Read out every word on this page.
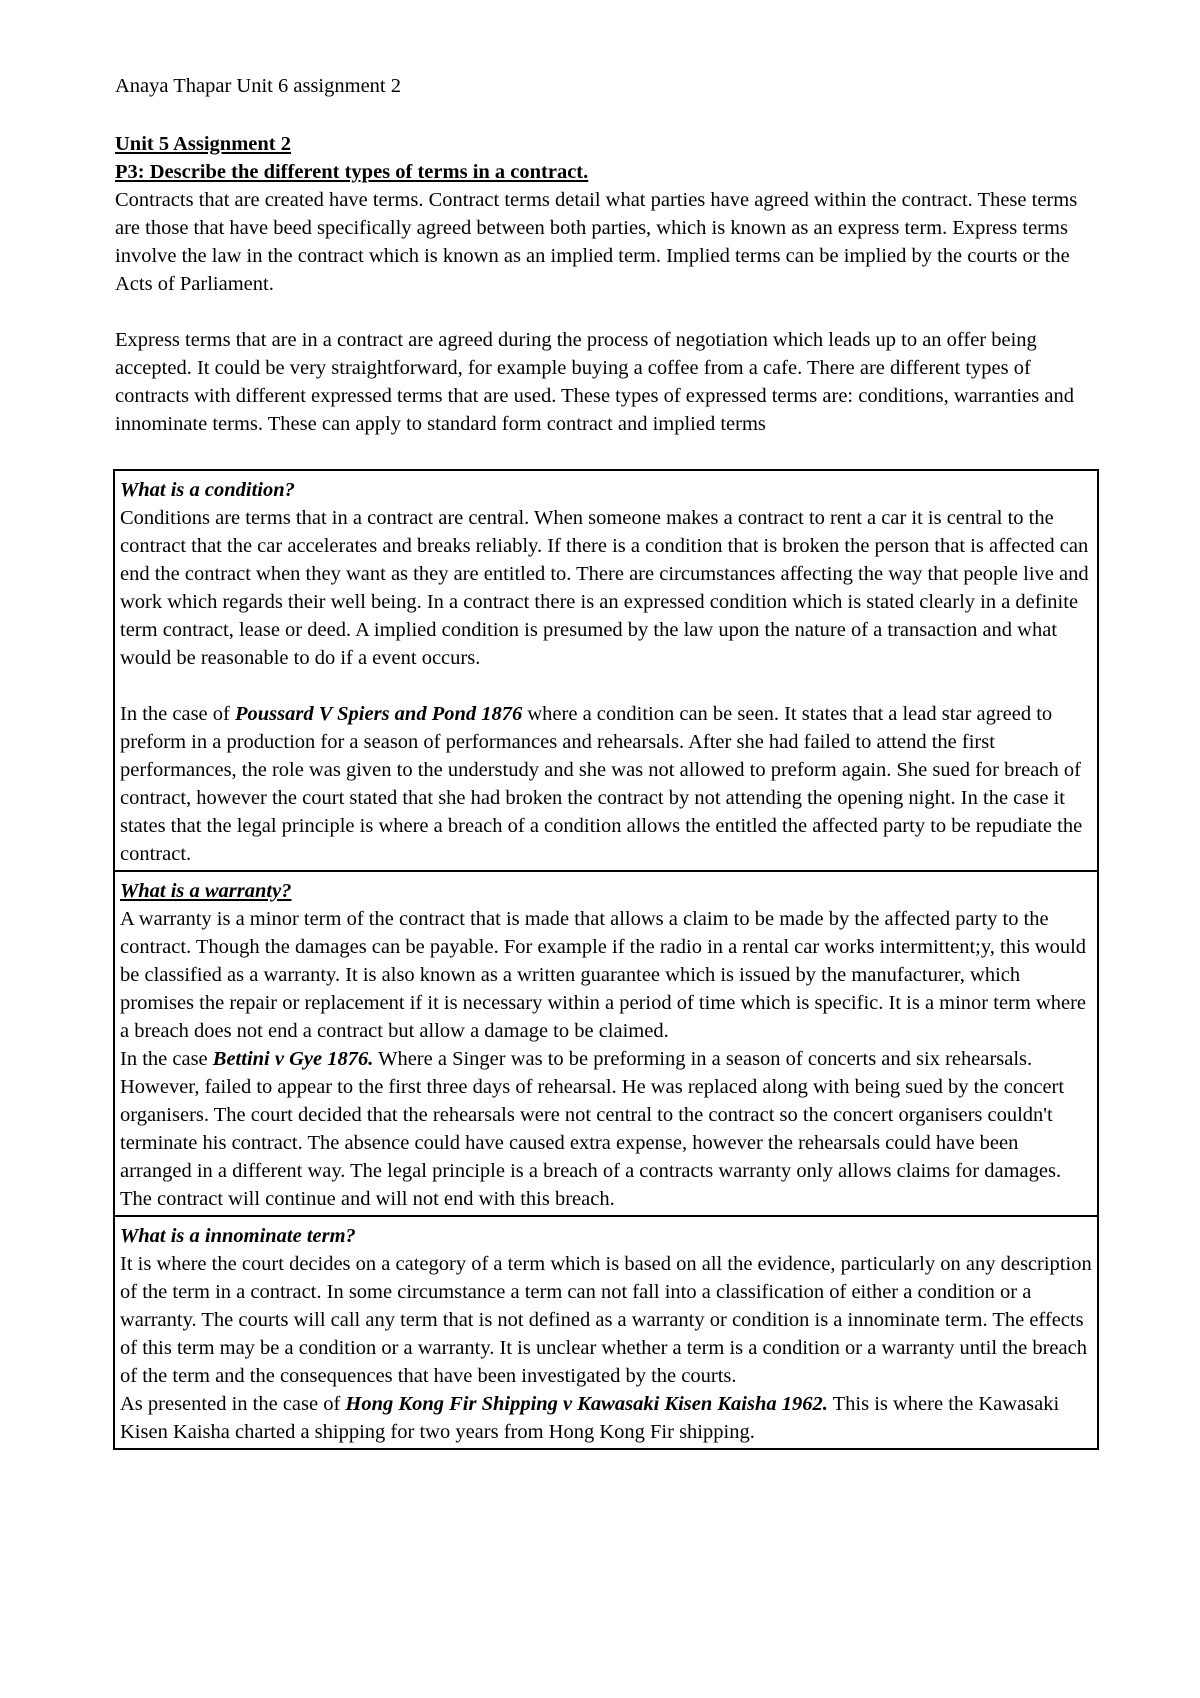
Anaya Thapar Unit 6 assignment 2
Unit 5 Assignment 2
P3: Describe the different types of terms in a contract.

Contracts that are created have terms. Contract terms detail what parties have agreed within the contract. These terms are those that have beed specifically agreed between both parties, which is known as an express term. Express terms involve the law in the contract which is known as an implied term. Implied terms can be implied by the courts or the Acts of Parliament.

Express terms that are in a contract are agreed during the process of negotiation which leads up to an offer being accepted. It could be very straightforward, for example buying a coffee from a cafe. There are different types of contracts with different expressed terms that are used. These types of expressed terms are: conditions, warranties and innominate terms. These can apply to standard form contract and implied terms

What is a condition?

Conditions are terms that in a contract are central. When someone makes a contract to rent a car it is central to the contract that the car accelerates and breaks reliably. If there is a condition that is broken the person that is affected can end the contract when they want as they are entitled to. There are circumstances affecting the way that people live and work which regards their well being. In a contract there is an expressed condition which is stated clearly in a definite term contract, lease or deed. A implied condition is presumed by the law upon the nature of a transaction and what would be reasonable to do if a event occurs.

In the case of Poussard V Spiers and Pond 1876 where a condition can be seen. It states that a lead star agreed to preform in a production for a season of performances and rehearsals. After she had failed to attend the first performances, the role was given to the understudy and she was not allowed to preform again. She sued for breach of contract, however the court stated that she had broken the contract by not attending the opening night. In the case it states that the legal principle is where a breach of a condition allows the entitled the affected party to be repudiate the contract.

What is a warranty?

A warranty is a minor term of the contract that is made that allows a claim to be made by the affected party to the contract. Though the damages can be payable. For example if the radio in a rental car works intermittent;y, this would be classified as a warranty. It is also known as a written guarantee which is issued by the manufacturer, which promises the repair or replacement if it is necessary within a period of time which is specific. It is a minor term where a breach does not end a contract but allow a damage to be claimed.

In the case Bettini v Gye 1876. Where a Singer was to be preforming in a season of concerts and six rehearsals. However, failed to appear to the first three days of rehearsal. He was replaced along with being sued by the concert organisers. The court decided that the rehearsals were not central to the contract so the concert organisers couldn't terminate his contract. The absence could have caused extra expense, however the rehearsals could have been arranged in a different way. The legal principle is a breach of a contracts warranty only allows claims for damages. The contract will continue and will not end with this breach.

What is a innominate term?

It is where the court decides on a category of a term which is based on all the evidence, particularly on any description of the term in a contract. In some circumstance a term can not fall into a classification of either a condition or a warranty. The courts will call any term that is not defined as a warranty or condition is a innominate term. The effects of this term may be a condition or a warranty. It is unclear whether a term is a condition or a warranty until the breach of the term and the consequences that have been investigated by the courts.

As presented in the case of Hong Kong Fir Shipping v Kawasaki Kisen Kaisha 1962. This is where the Kawasaki Kisen Kaisha charted a shipping for two years from Hong Kong Fir shipping.
